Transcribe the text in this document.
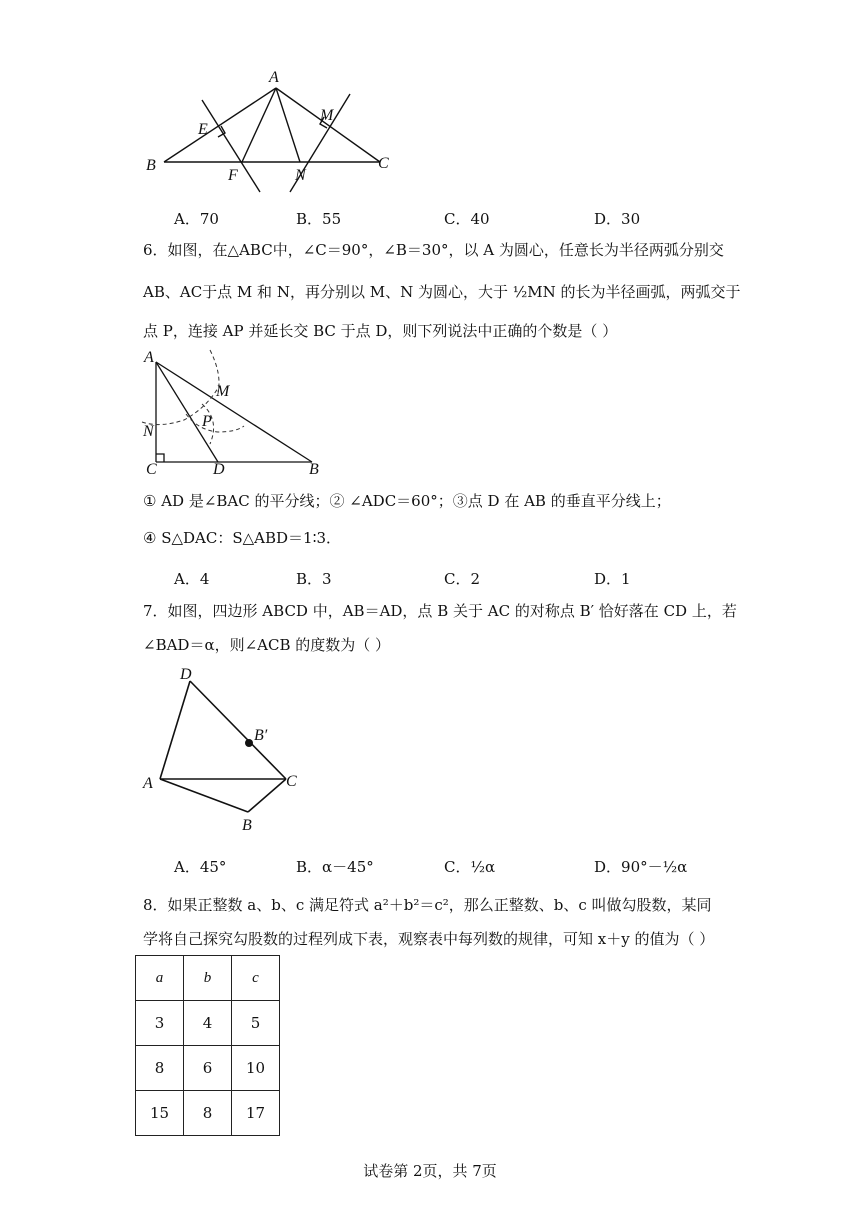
A
E
M
B
F	N
C
A．70	B．55	C．40	D．30
6．如图，在△ABC中，∠C＝90°，∠B＝30°，以 A 为圆心，任意长为半径两弧分别交
AB、AC于点 M 和 N，再分别以 M、N 为圆心，大于 ½MN 的长为半径画弧，两弧交于
点 P，连接 AP 并延长交 BC 于点 D，则下列说法中正确的个数是（ ）
A
M
P
N
C	D	B
① AD 是∠BAC 的平分线；② ∠ADC＝60°；③点 D 在 AB 的垂直平分线上；
④ S△DAC：S△ABD＝1∶3．
A．4	B．3	C．2	D．1
7．如图，四边形 ABCD 中，AB＝AD，点 B 关于 AC 的对称点 B′ 恰好落在 CD 上，若
∠BAD＝α，则∠ACB 的度数为（ ）
D
B′
A	C
B
A．45°	B．α－45°	C．½α	D．90°－½α
8．如果正整数 a、b、c 满足符式 a²＋b²＝c²，那么正整数、b、c 叫做勾股数，某同
学将自己探究勾股数的过程列成下表，观察表中每列数的规律，可知 x＋y 的值为（ ）
a	b	c
3	4	5
8	6	10
15	8	17
试卷第 2页，共 7页
